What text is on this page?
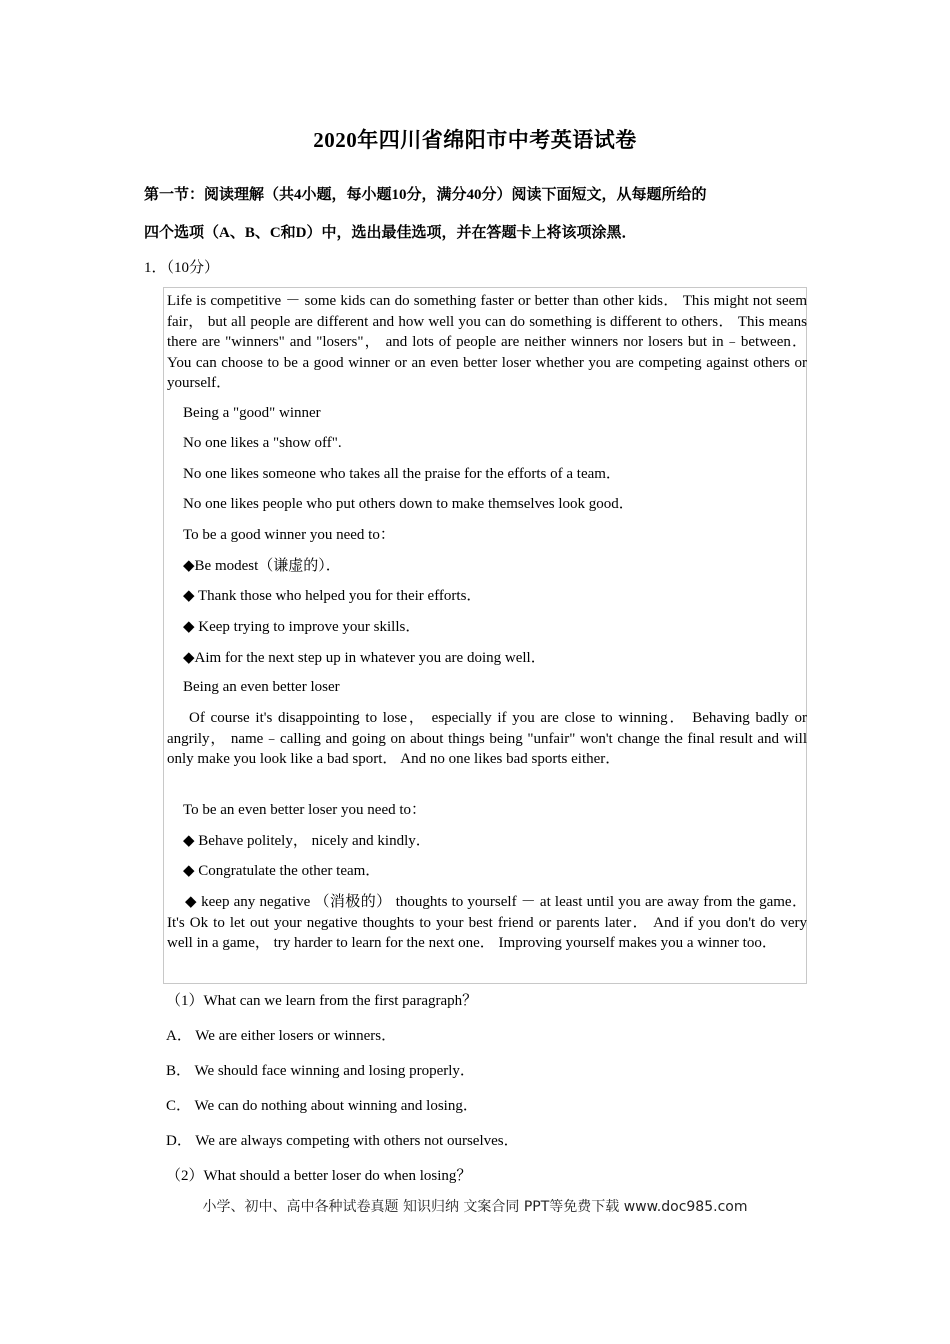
2020年四川省绵阳市中考英语试卷
第一节：阅读理解（共4小题，每小题10分，满分40分）阅读下面短文，从每题所给的
四个选项（A、B、C和D）中，选出最佳选项，并在答题卡上将该项涂黑．
1．（10分）
Life is competitive － some kids can do something faster or better than other kids． This might not seem fair， but all people are different and how well you can do something is different to others． This means there are "winners" and "losers"， and lots of people are neither winners nor losers but in﹣between． You can choose to be a good winner or an even better loser whether you are competing against others or yourself．
Being a "good" winner
No one likes a "show off".
No one likes someone who takes all the praise for the efforts of a team．
No one likes people who put others down to make themselves look good．
To be a good winner you need to：
◆Be modest（谦虚的）．
◆ Thank those who helped you for their efforts．
◆ Keep trying to improve your skills．
◆Aim for the next step up in whatever you are doing well．
Being an even better loser
Of course it's disappointing to lose， especially if you are close to winning． Behaving badly or angrily， name﹣calling and going on about things being "unfair" won't change the final result and will only make you look like a bad sport． And no one likes bad sports either．
To be an even better loser you need to：
◆ Behave politely， nicely and kindly．
◆ Congratulate the other team．
◆ keep any negative （消极的） thoughts to yourself － at least until you are away from the game． It's Ok to let out your negative thoughts to your best friend or parents later． And if you don't do very well in a game， try harder to learn for the next one． Improving yourself makes you a winner too．
（1）What can we learn from the first paragraph？
A． We are either losers or winners．
B． We should face winning and losing properly．
C． We can do nothing about winning and losing．
D． We are always competing with others not ourselves．
（2）What should a better loser do when losing？
小学、初中、高中各种试卷真题 知识归纳 文案合同 PPT等免费下载 www.doc985.com
